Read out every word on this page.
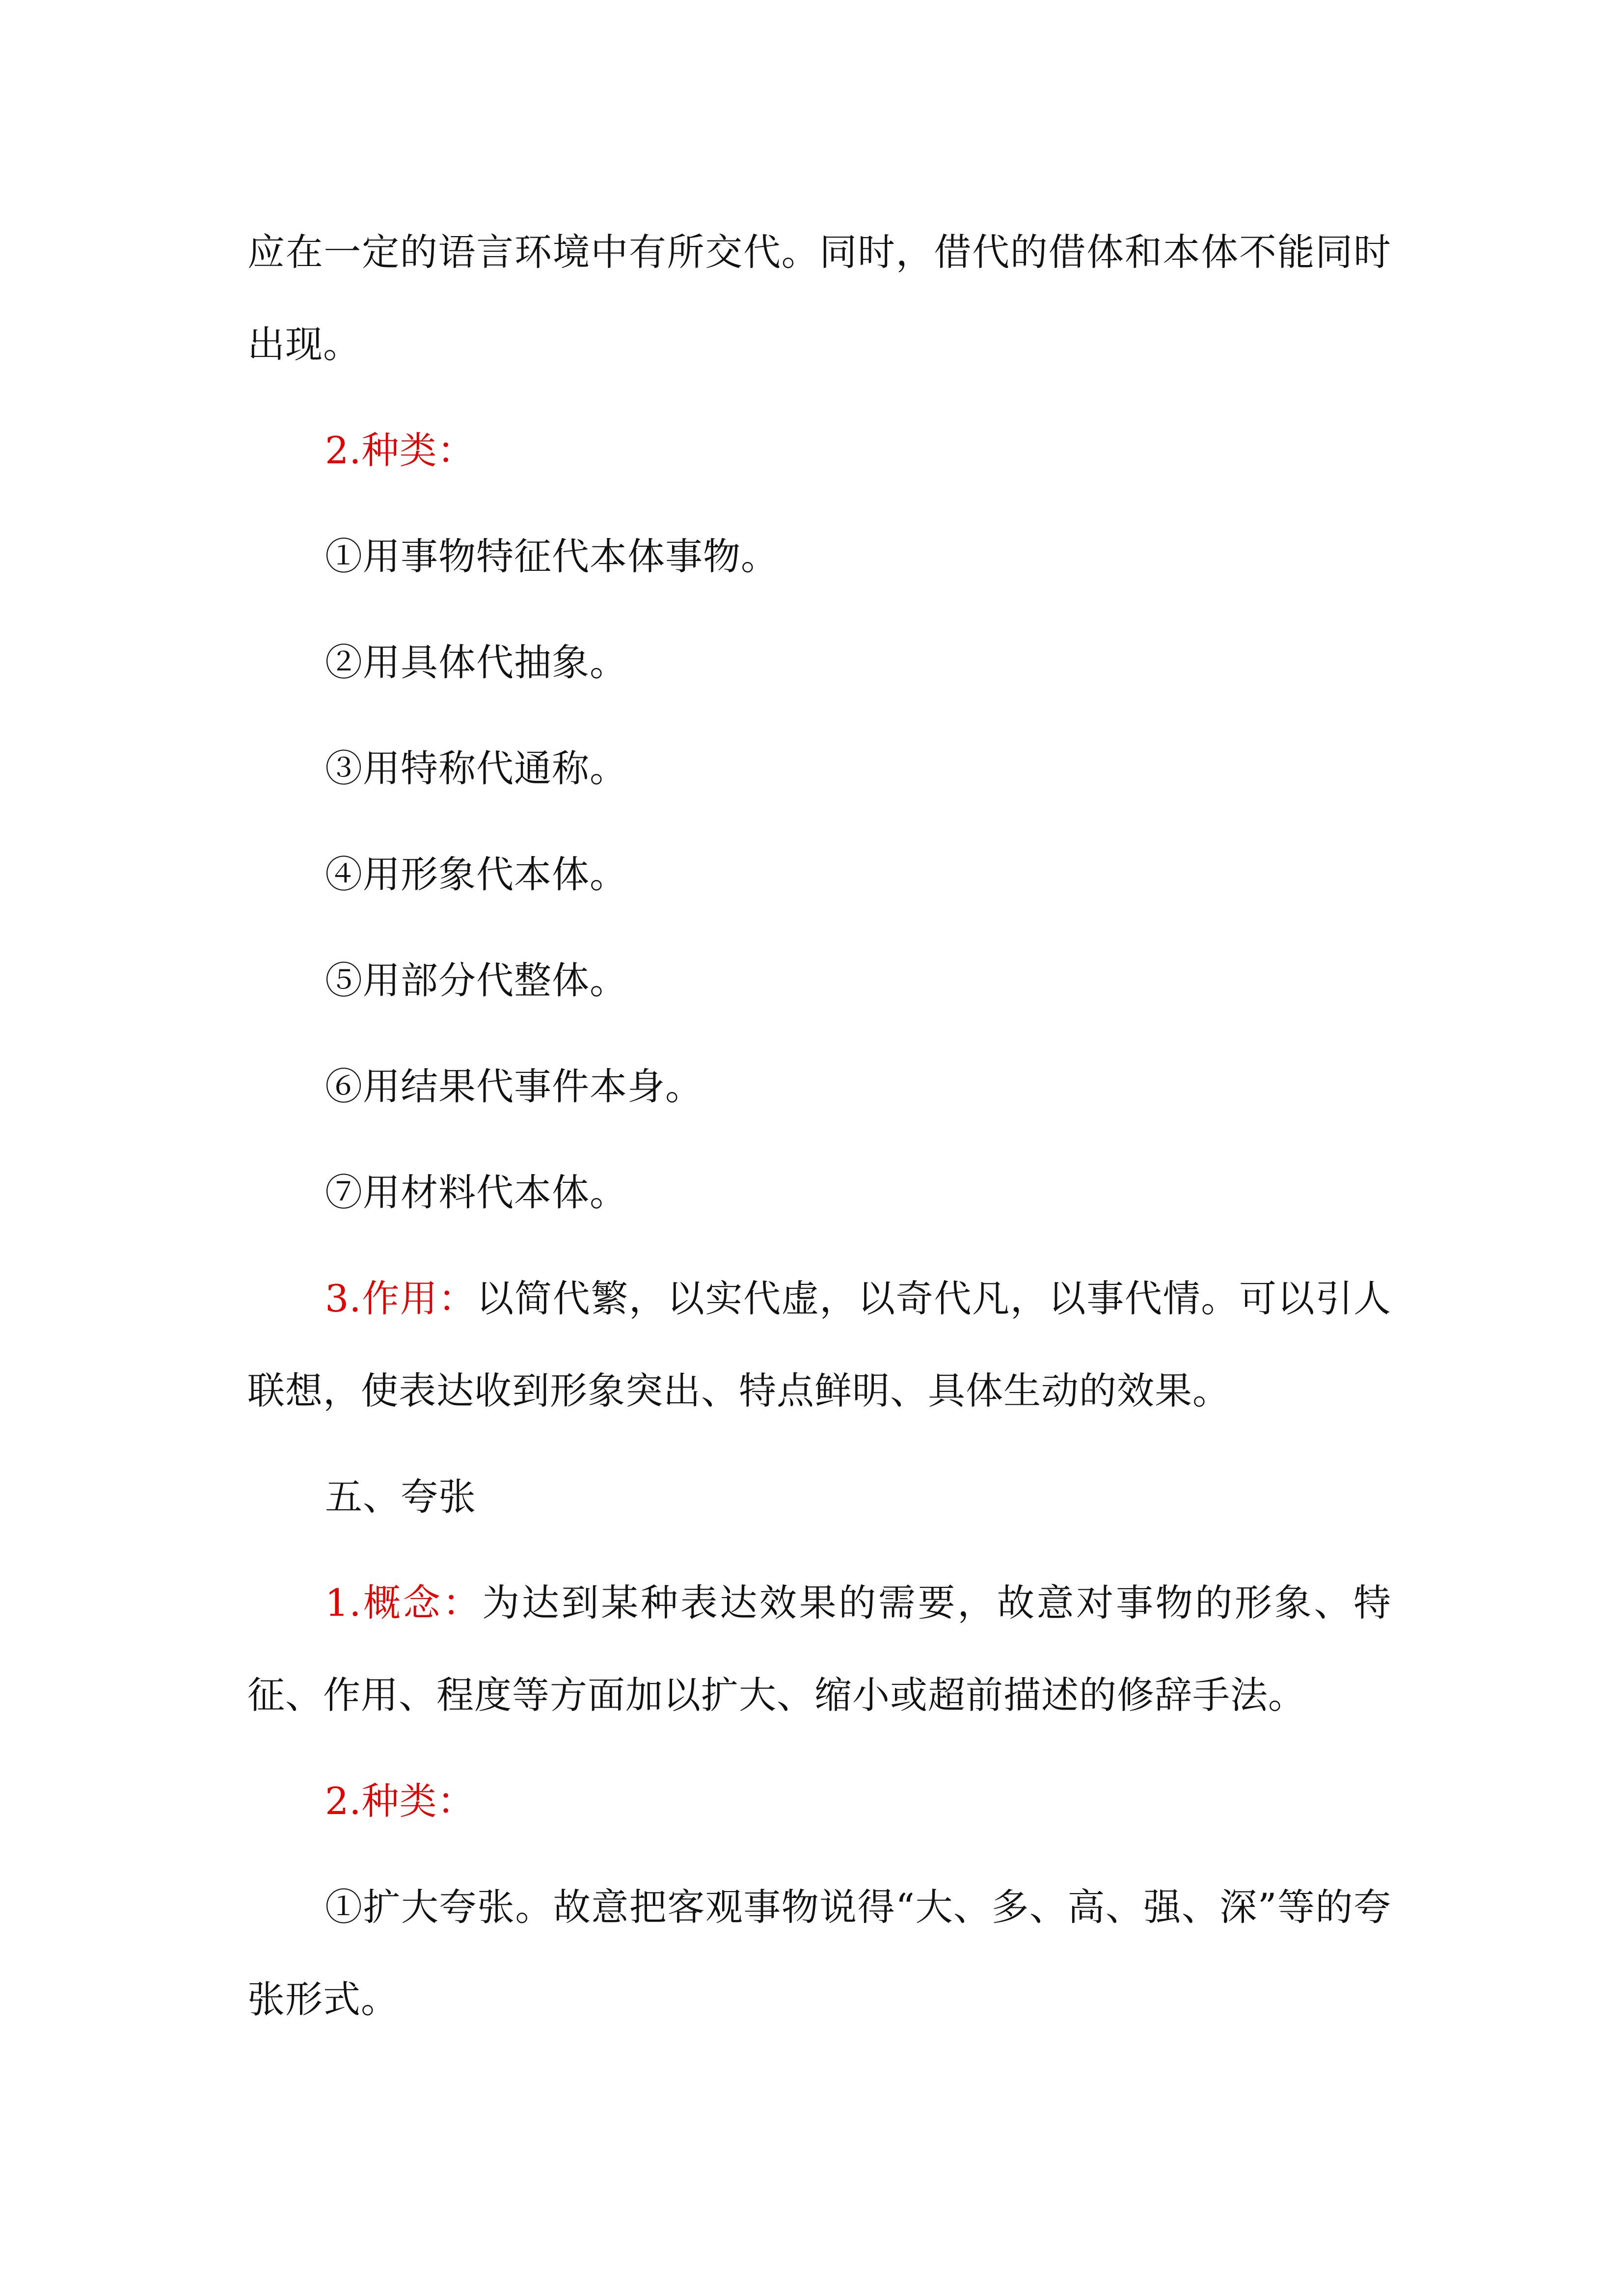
应在一定的语言环境中有所交代。同时，借代的借体和本体不能同时出现。

2.种类：

①用事物特征代本体事物。

②用具体代抽象。

③用特称代通称。

④用形象代本体。

⑤用部分代整体。

⑥用结果代事件本身。

⑦用材料代本体。

3.作用：以简代繁，以实代虚，以奇代凡，以事代情。可以引人联想，使表达收到形象突出、特点鲜明、具体生动的效果。

五、夸张

1.概念：为达到某种表达效果的需要，故意对事物的形象、特征、作用、程度等方面加以扩大、缩小或超前描述的修辞手法。

2.种类：

①扩大夸张。故意把客观事物说得“大、多、高、强、深”等的夸张形式。
